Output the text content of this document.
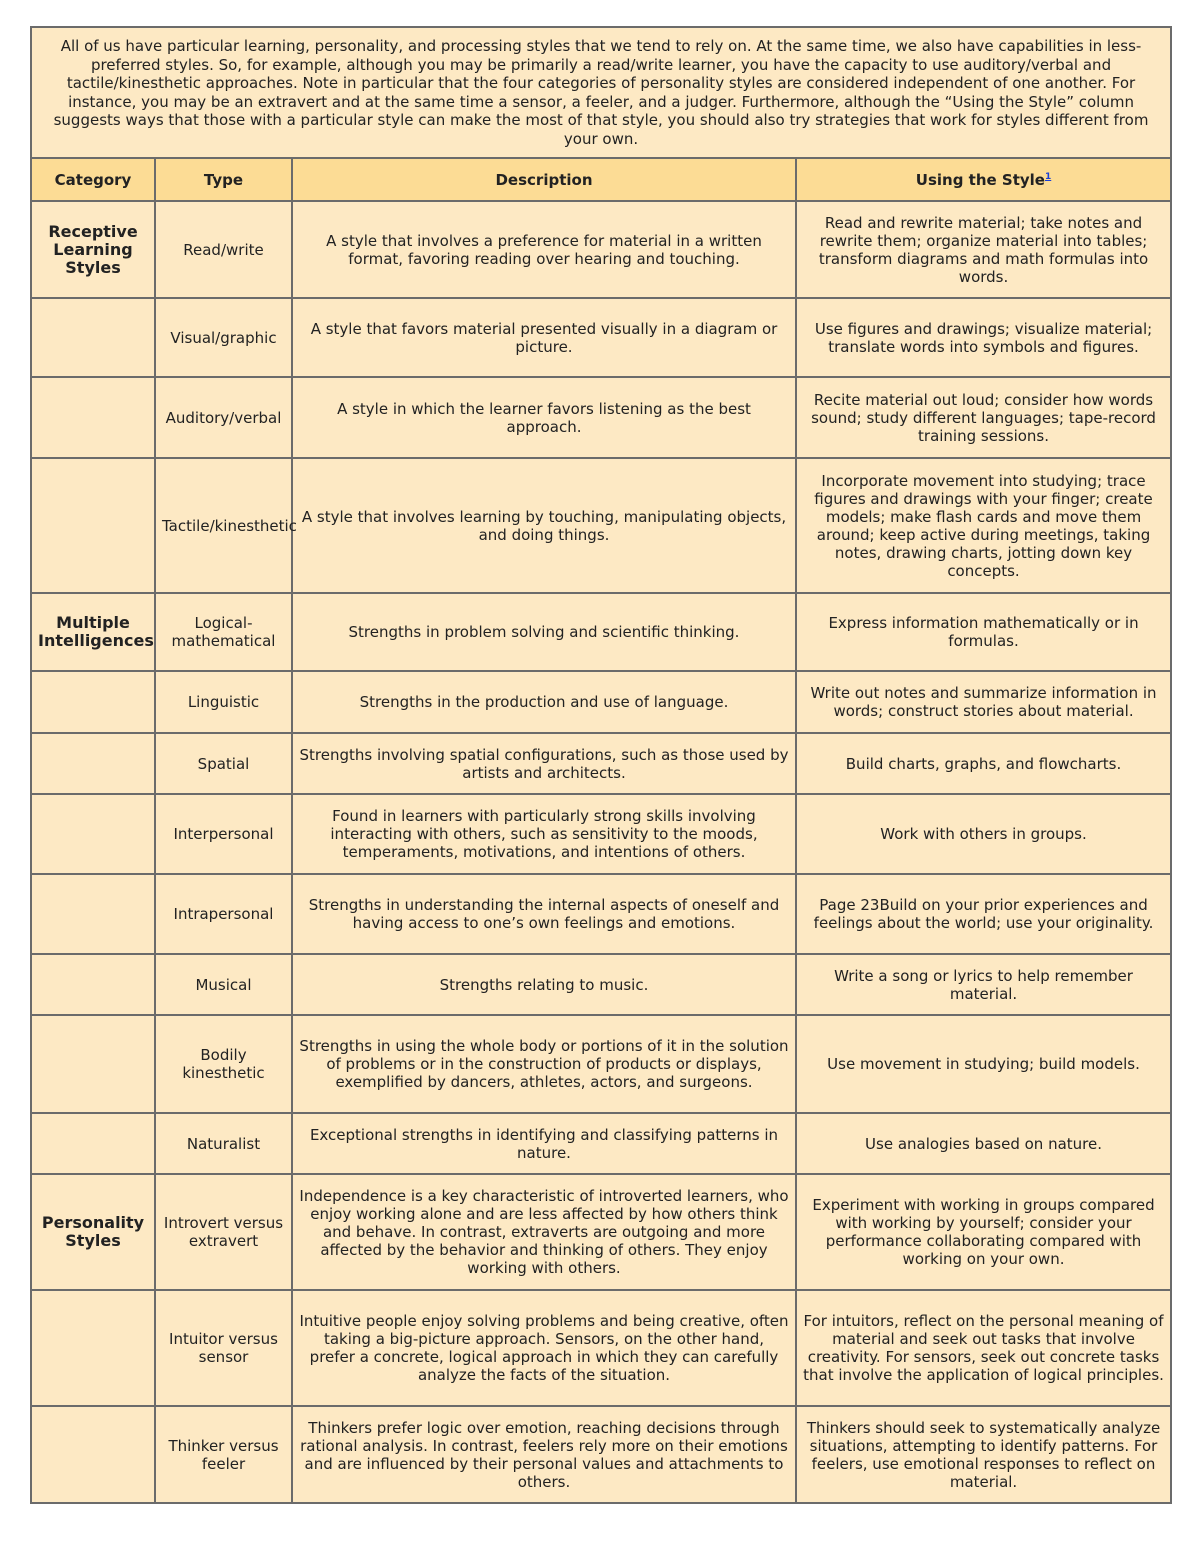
All of us have particular learning, personality, and processing styles that we tend to rely on. At the same time, we also have capabilities in less-preferred styles. So, for example, although you may be primarily a read/write learner, you have the capacity to use auditory/verbal and tactile/kinesthetic approaches. Note in particular that the four categories of personality styles are considered independent of one another. For instance, you may be an extravert and at the same time a sensor, a feeler, and a judger. Furthermore, although the “Using the Style” column suggests ways that those with a particular style can make the most of that style, you should also try strategies that work for styles different from your own.			
Category	Type	Description	Using the Style$^1$
Receptive Learning Styles	Read/write	A style that involves a preference for material in a written format, favoring reading over hearing and touching.	Read and rewrite material; take notes and rewrite them; organize material into tables; transform diagrams and math formulas into words.
	Visual/graphic	A style that favors material presented visually in a diagram or picture.	Use figures and drawings; visualize material; translate words into symbols and figures.
	Auditory/verbal	A style in which the learner favors listening as the best approach.	Recite material out loud; consider how words sound; study different languages; tape-record training sessions.
	Tactile/kinesthetic	A style that involves learning by touching, manipulating objects, and doing things.	Incorporate movement into studying; trace figures and drawings with your finger; create models; make flash cards and move them around; keep active during meetings, taking notes, drawing charts, jotting down key concepts.
Multiple Intelligences	Logical-mathematical	Strengths in problem solving and scientific thinking.	Express information mathematically or in formulas.
	Linguistic	Strengths in the production and use of language.	Write out notes and summarize information in words; construct stories about material.
	Spatial	Strengths involving spatial configurations, such as those used by artists and architects.	Build charts, graphs, and flowcharts.
	Interpersonal	Found in learners with particularly strong skills involving interacting with others, such as sensitivity to the moods, temperaments, motivations, and intentions of others.	Work with others in groups.
	Intrapersonal	Strengths in understanding the internal aspects of oneself and having access to one’s own feelings and emotions.	Page 23Build on your prior experiences and feelings about the world; use your originality.
	Musical	Strengths relating to music.	Write a song or lyrics to help remember material.
	Bodily kinesthetic	Strengths in using the whole body or portions of it in the solution of problems or in the construction of products or displays, exemplified by dancers, athletes, actors, and surgeons.	Use movement in studying; build models.
	Naturalist	Exceptional strengths in identifying and classifying patterns in nature.	Use analogies based on nature.
Personality Styles	Introvert versus extravert	Independence is a key characteristic of introverted learners, who enjoy working alone and are less affected by how others think and behave. In contrast, extraverts are outgoing and more affected by the behavior and thinking of others. They enjoy working with others.	Experiment with working in groups compared with working by yourself; consider your performance collaborating compared with working on your own.
	Intuitor versus sensor	Intuitive people enjoy solving problems and being creative, often taking a big-picture approach. Sensors, on the other hand, prefer a concrete, logical approach in which they can carefully analyze the facts of the situation.	For intuitors, reflect on the personal meaning of material and seek out tasks that involve creativity. For sensors, seek out concrete tasks that involve the application of logical principles.
	Thinker versus feeler	Thinkers prefer logic over emotion, reaching decisions through rational analysis. In contrast, feelers rely more on their emotions and are influenced by their personal values and attachments to others.	Thinkers should seek to systematically analyze situations, attempting to identify patterns. For feelers, use emotional responses to reflect on material.
